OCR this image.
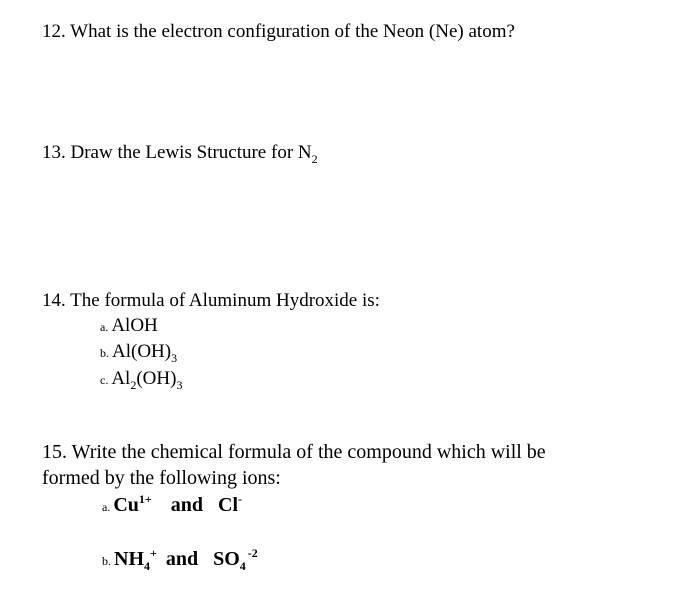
12. What is the electron configuration of the Neon (Ne) atom?
13. Draw the Lewis Structure for $N_2$
14. The formula of Aluminum Hydroxide is:
a. AlOH
b. $Al(OH)_3$
c. $Al_2(OH)_3$
15. Write the chemical formula of the compound which will be
formed by the following ions:
a. $Cu^{1+}$ and Cl-
b. $NH_4^+$ and $SO_4^{-2}$
